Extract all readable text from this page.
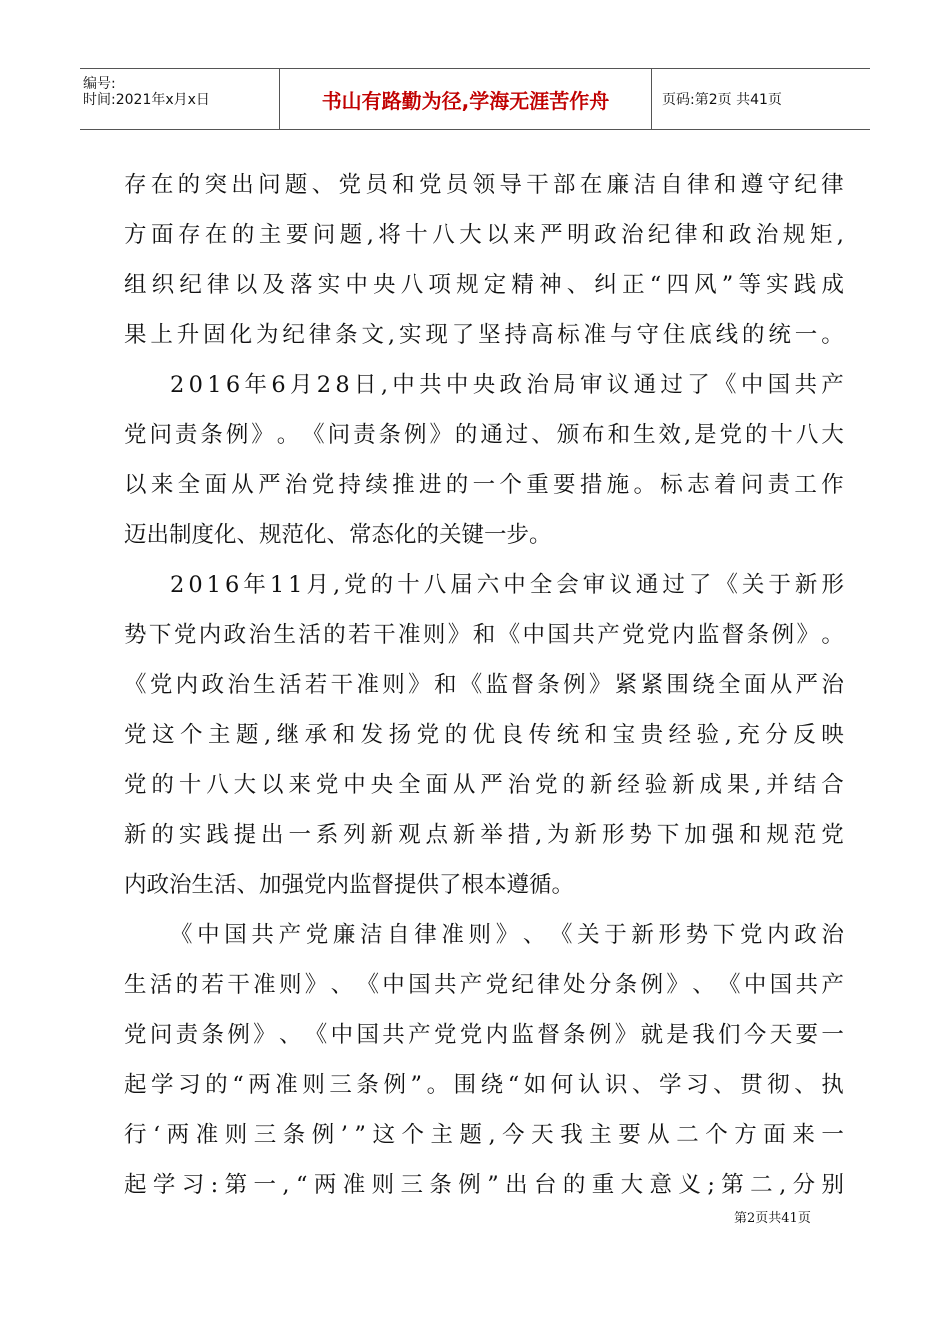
编号:
时间:2021年x月x日	书山有路勤为径,学海无涯苦作舟	页码:第2页 共41页
存 在 的 突 出 问 题 、 党 员 和 党 员 领 导 干 部 在 廉 洁 自 律 和 遵 守 纪 律
方 面 存 在 的 主 要 问 题 , 将 十 八 大 以 来 严 明 政 治 纪 律 和 政 治 规 矩 ,
组 织 纪 律 以 及 落 实 中 央 八 项 规 定 精 神 、 纠 正 “ 四 风 ” 等 实 践 成
果 上 升 固 化 为 纪 律 条 文 , 实 现 了 坚 持 高 标 准 与 守 住 底 线 的 统 一 。
2 0 1 6 年 6 月 2 8 日 , 中 共 中 央 政 治 局 审 议 通 过 了 《 中 国 共 产
党 问 责 条 例 》 。 《 问 责 条 例 》 的 通 过 、 颁 布 和 生 效 , 是 党 的 十 八 大
以 来 全 面 从 严 治 党 持 续 推 进 的 一 个 重 要 措 施 。 标 志 着 问 责 工 作
迈出制度化、规范化、常态化的关键一步。
2 0 1 6 年 1 1 月 , 党 的 十 八 届 六 中 全 会 审 议 通 过 了 《 关 于 新 形
势 下 党 内 政 治 生 活 的 若 干 准 则 》 和 《 中 国 共 产 党 党 内 监 督 条 例 》 。
《 党 内 政 治 生 活 若 干 准 则 》 和 《 监 督 条 例 》 紧 紧 围 绕 全 面 从 严 治
党 这 个 主 题 , 继 承 和 发 扬 党 的 优 良 传 统 和 宝 贵 经 验 , 充 分 反 映
党 的 十 八 大 以 来 党 中 央 全 面 从 严 治 党 的 新 经 验 新 成 果 , 并 结 合
新 的 实 践 提 出 一 系 列 新 观 点 新 举 措 , 为 新 形 势 下 加 强 和 规 范 党
内政治生活、加强党内监督提供了根本遵循。
《 中 国 共 产 党 廉 洁 自 律 准 则 》 、 《 关 于 新 形 势 下 党 内 政 治
生 活 的 若 干 准 则 》 、 《 中 国 共 产 党 纪 律 处 分 条 例 》 、 《 中 国 共 产
党 问 责 条 例 》 、 《 中 国 共 产 党 党 内 监 督 条 例 》 就 是 我 们 今 天 要 一
起 学 习 的 “ 两 准 则 三 条 例 ” 。 围 绕 “ 如 何 认 识 、 学 习 、 贯 彻 、 执
行 ‘ 两 准 则 三 条 例 ’ ” 这 个 主 题 , 今 天 我 主 要 从 二 个 方 面 来 一
起 学 习 : 第 一 , “ 两 准 则 三 条 例 ” 出 台 的 重 大 意 义 ; 第 二 , 分 别
第2页共41页
